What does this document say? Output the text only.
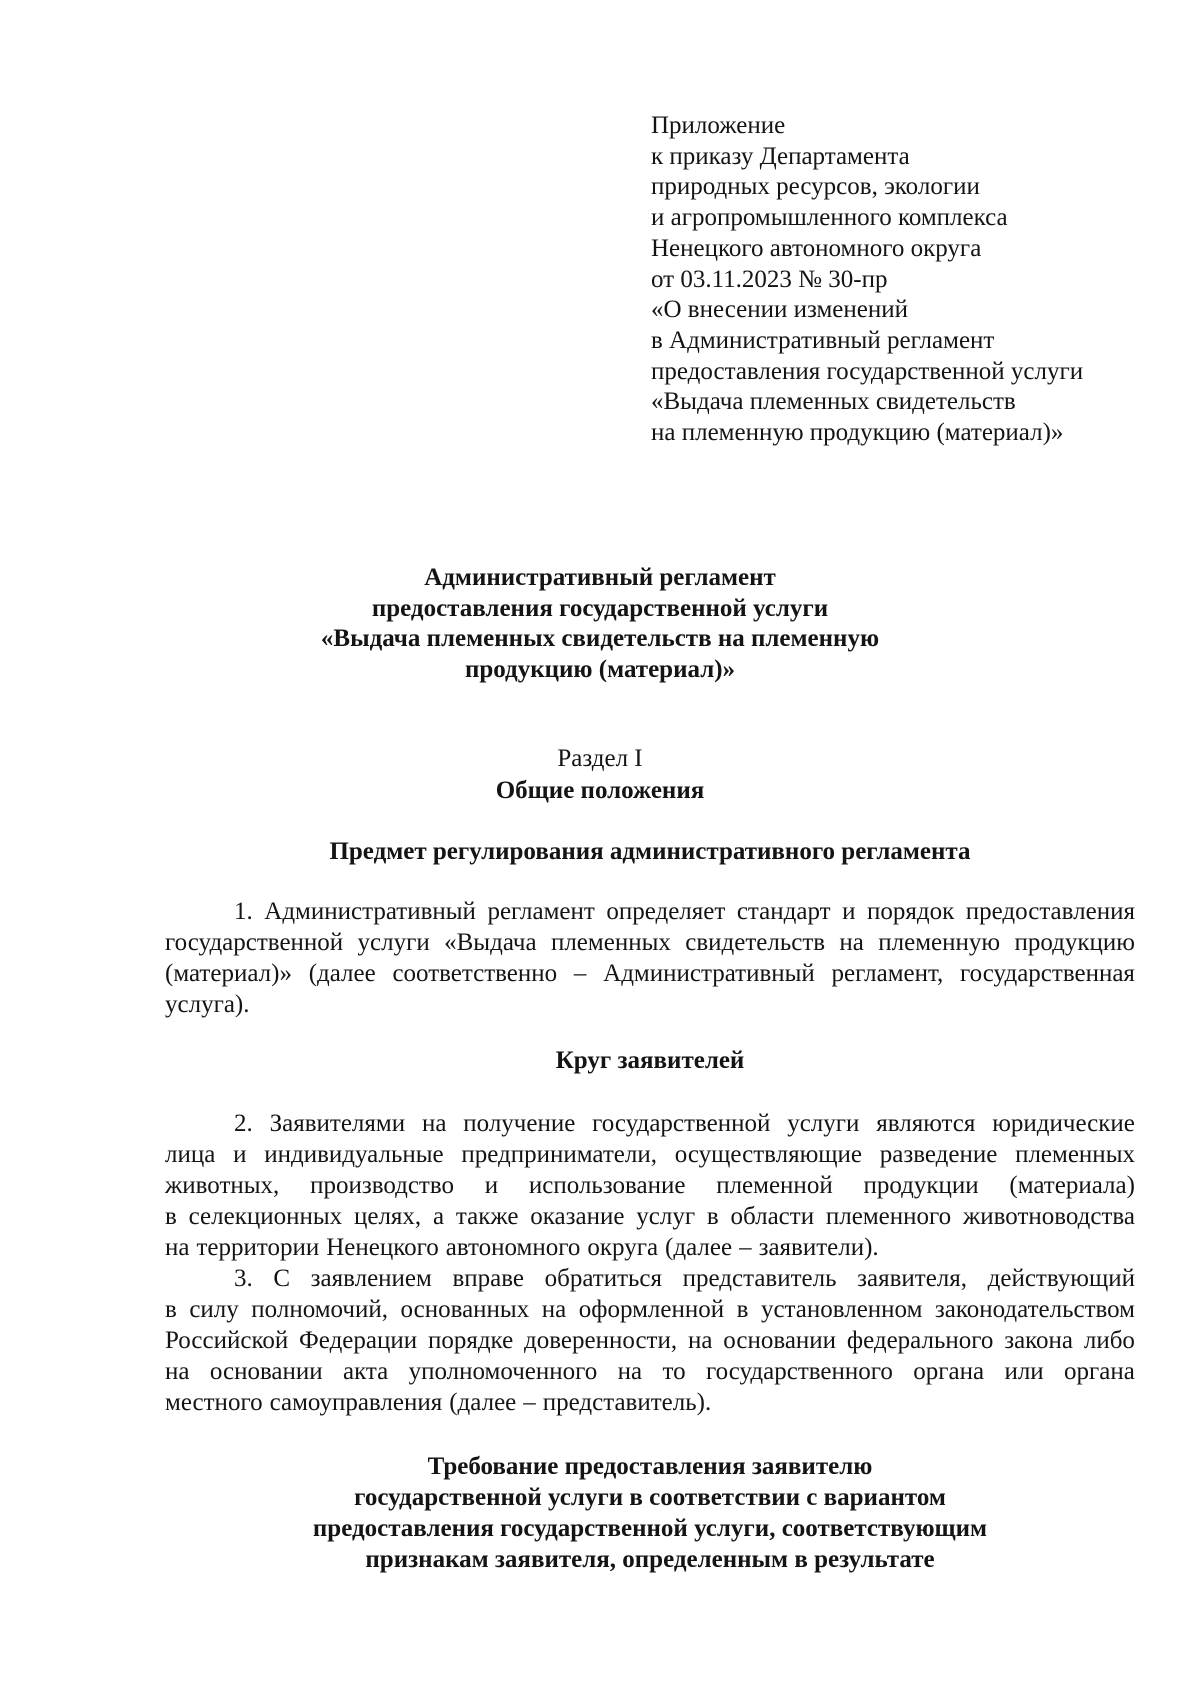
Приложение
к приказу Департамента
природных ресурсов, экологии
и агропромышленного комплекса
Ненецкого автономного округа
от 03.11.2023 № 30-пр
«О внесении изменений
в Административный регламент
предоставления государственной услуги
«Выдача племенных свидетельств
на племенную продукцию (материал)»
Административный регламент
предоставления государственной услуги
«Выдача племенных свидетельств на племенную
продукцию (материал)»
Раздел I
Общие положения
Предмет регулирования административного регламента
1. Административный регламент определяет стандарт и порядок предоставления
государственной услуги «Выдача племенных свидетельств на племенную продукцию
(материал)» (далее соответственно – Административный регламент, государственная
услуга).
Круг заявителей
2. Заявителями на получение государственной услуги являются юридические
лица и индивидуальные предприниматели, осуществляющие разведение племенных
животных, производство и использование племенной продукции (материала)
в селекционных целях, а также оказание услуг в области племенного животноводства
на территории Ненецкого автономного округа (далее – заявители).
3. С заявлением вправе обратиться представитель заявителя, действующий
в силу полномочий, основанных на оформленной в установленном законодательством
Российской Федерации порядке доверенности, на основании федерального закона либо
на основании акта уполномоченного на то государственного органа или органа
местного самоуправления (далее – представитель).
Требование предоставления заявителю
государственной услуги в соответствии с вариантом
предоставления государственной услуги, соответствующим
признакам заявителя, определенным в результате
